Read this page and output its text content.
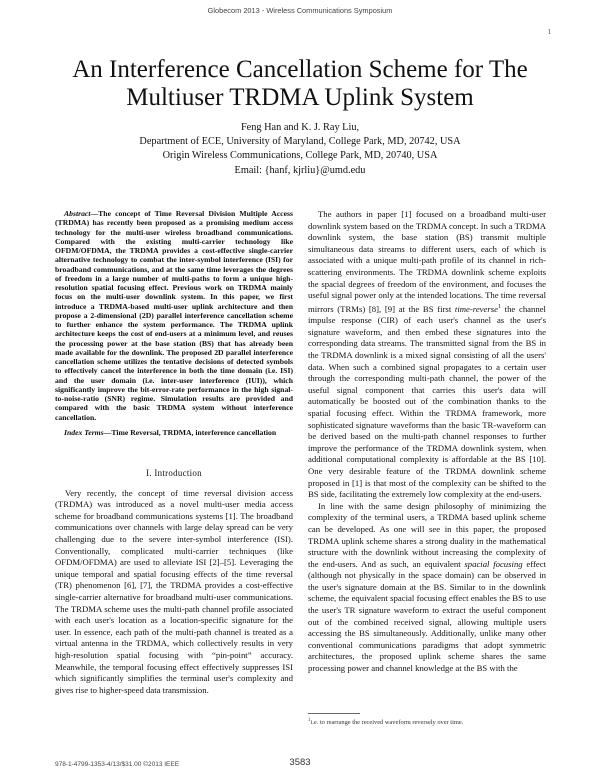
Globecom 2013 - Wireless Communications Symposium
1
An Interference Cancellation Scheme for The
Multiuser TRDMA Uplink System
Feng Han and K. J. Ray Liu,
Department of ECE, University of Maryland, College Park, MD, 20742, USA
Origin Wireless Communications, College Park, MD, 20740, USA
Email: {hanf, kjrliu}@umd.edu

Abstract—The concept of Time Reversal Division Multiple Access (TRDMA) has recently been proposed as a promising medium access technology for the multi-user wireless broadband communications. Compared with the existing multi-carrier technology like OFDM/OFDMA, the TRDMA provides a cost-effective single-carrier alternative technology to combat the inter-symbol interference (ISI) for broadband communications, and at the same time leverages the degrees of freedom in a large number of multi-paths to form a unique high-resolution spatial focusing effect. Previous work on TRDMA mainly focus on the multi-user downlink system. In this paper, we first introduce a TRDMA-based multi-user uplink architecture and then propose a 2-dimensional (2D) parallel interference cancellation scheme to further enhance the system performance. The TRDMA uplink architecture keeps the cost of end-users at a minimum level, and reuses the processing power at the base station (BS) that has already been made available for the downlink. The proposed 2D parallel interference cancellation scheme utilizes the tentative decisions of detected symbols to effectively cancel the interference in both the time domain (i.e. ISI) and the user domain (i.e. inter-user interference (IUI)), which significantly improve the bit-error-rate performance in the high signal-to-noise-ratio (SNR) regime. Simulation results are provided and compared with the basic TRDMA system without interference cancellation.

Index Terms—Time Reversal, TRDMA, interference cancellation

I. Introduction

Very recently, the concept of time reversal division access (TRDMA) was introduced as a novel multi-user media access scheme for broadband communications systems [1]. The broadband communications over channels with large delay spread can be very challenging due to the severe inter-symbol interference (ISI). Conventionally, complicated multi-carrier techniques (like OFDM/OFDMA) are used to alleviate ISI [2]–[5]. Leveraging the unique temporal and spatial focusing effects of the time reversal (TR) phenomenon [6], [7], the TRDMA provides a cost-effective single-carrier alternative for broadband multi-user communications. The TRDMA scheme uses the multi-path channel profile associated with each user's location as a location-specific signature for the user. In essence, each path of the multi-path channel is treated as a virtual antenna in the TRDMA, which collectively results in very high-resolution spatial focusing with “pin-point” accuracy. Meanwhile, the temporal focusing effect effectively suppresses ISI which significantly simplifies the terminal user's complexity and gives rise to higher-speed data transmission.

The authors in paper [1] focused on a broadband multi-user downlink system based on the TRDMA concept. In such a TRDMA downlink system, the base station (BS) transmit multiple simultaneous data streams to different users, each of which is associated with a unique multi-path profile of its channel in rich-scattering environments. The TRDMA downlink scheme exploits the spacial degrees of freedom of the environment, and focuses the useful signal power only at the intended locations. The time reversal mirrors (TRMs) [8], [9] at the BS first time-reverse$^1$ the channel impulse response (CIR) of each user's channel as the user's signature waveform, and then embed these signatures into the corresponding data streams. The transmitted signal from the BS in the TRDMA downlink is a mixed signal consisting of all the users' data. When such a combined signal propagates to a certain user through the corresponding multi-path channel, the power of the useful signal component that carries this user's data will automatically be boosted out of the combination thanks to the spatial focusing effect. Within the TRDMA framework, more sophisticated signature waveforms than the basic TR-waveform can be derived based on the multi-path channel responses to further improve the performance of the TRDMA downlink system, when additional computational complexity is affordable at the BS [10]. One very desirable feature of the TRDMA downlink scheme proposed in [1] is that most of the complexity can be shifted to the BS side, facilitating the extremely low complexity at the end-users.

In line with the same design philosophy of minimizing the complexity of the terminal users, a TRDMA based uplink scheme can be developed. As one will see in this paper, the proposed TRDMA uplink scheme shares a strong duality in the mathematical structure with the downlink without increasing the complexity of the end-users. And as such, an equivalent spacial focusing effect (although not physically in the space domain) can be observed in the user's signature domain at the BS. Similar to in the downlink scheme, the equivalent spacial focusing effect enables the BS to use the user's TR signature waveform to extract the useful component out of the combined received signal, allowing multiple users accessing the BS simultaneously. Additionally, unlike many other conventional communications paradigms that adopt symmetric architectures, the proposed uplink scheme shares the same processing power and channel knowledge at the BS with the

$^1$i.e. to rearrange the received waveform reversely over time.
978-1-4799-1353-4/13/$31.00 ©2013 IEEE	3583
